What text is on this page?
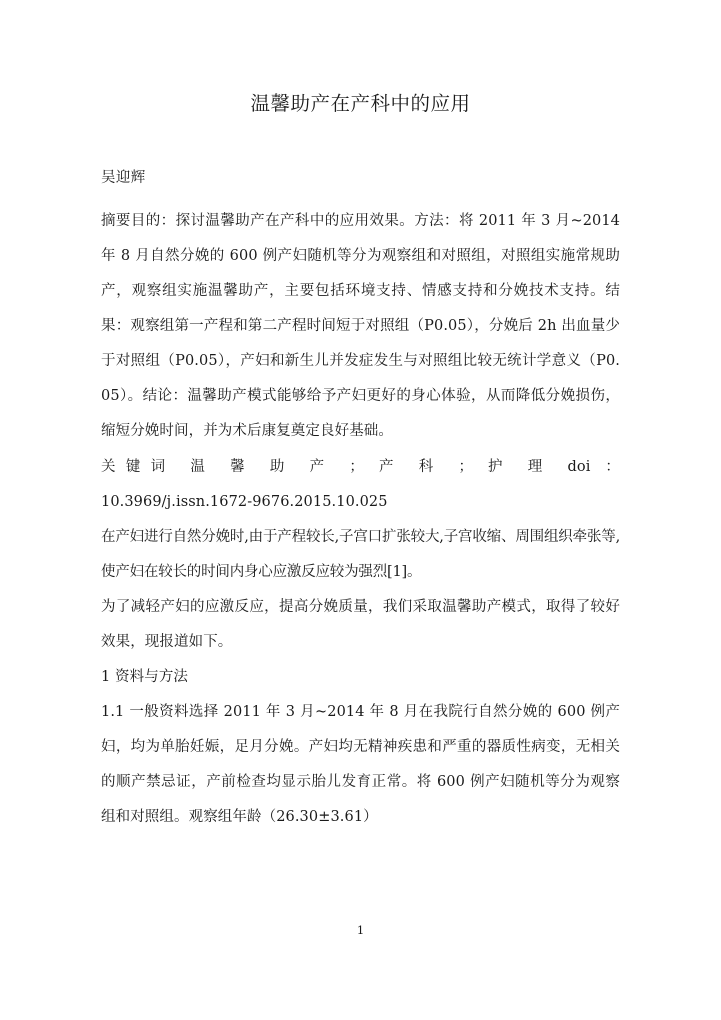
温馨助产在产科中的应用

吴迎辉

摘要目的：探讨温馨助产在产科中的应用效果。方法：将 2011 年 3 月~2014 年 8 月自然分娩的 600 例产妇随机等分为观察组和对照组，对照组实施常规助产，观察组实施温馨助产，主要包括环境支持、情感支持和分娩技术支持。结果：观察组第一产程和第二产程时间短于对照组（P0.05），分娩后 2h 出血量少于对照组（P0.05），产妇和新生儿并发症发生与对照组比较无统计学意义（P0.05）。结论：温馨助产模式能够给予产妇更好的身心体验，从而降低分娩损伤，缩短分娩时间，并为术后康复奠定良好基础。

关键词 温 馨 助 产 ； 产 科 ； 护 理 doi ：
10.3969/j.issn.1672-9676.2015.10.025

在产妇进行自然分娩时,由于产程较长,子宫口扩张较大,子宫收缩、周围组织牵张等,使产妇在较长的时间内身心应激反应较为强烈[1]。

为了减轻产妇的应激反应，提高分娩质量，我们采取温馨助产模式，取得了较好效果，现报道如下。

1 资料与方法

1.1 一般资料选择 2011 年 3 月~2014 年 8 月在我院行自然分娩的 600 例产妇，均为单胎妊娠，足月分娩。产妇均无精神疾患和严重的器质性病变，无相关的顺产禁忌证，产前检查均显示胎儿发育正常。将 600 例产妇随机等分为观察组和对照组。观察组年龄（26.30±3.61）

1
